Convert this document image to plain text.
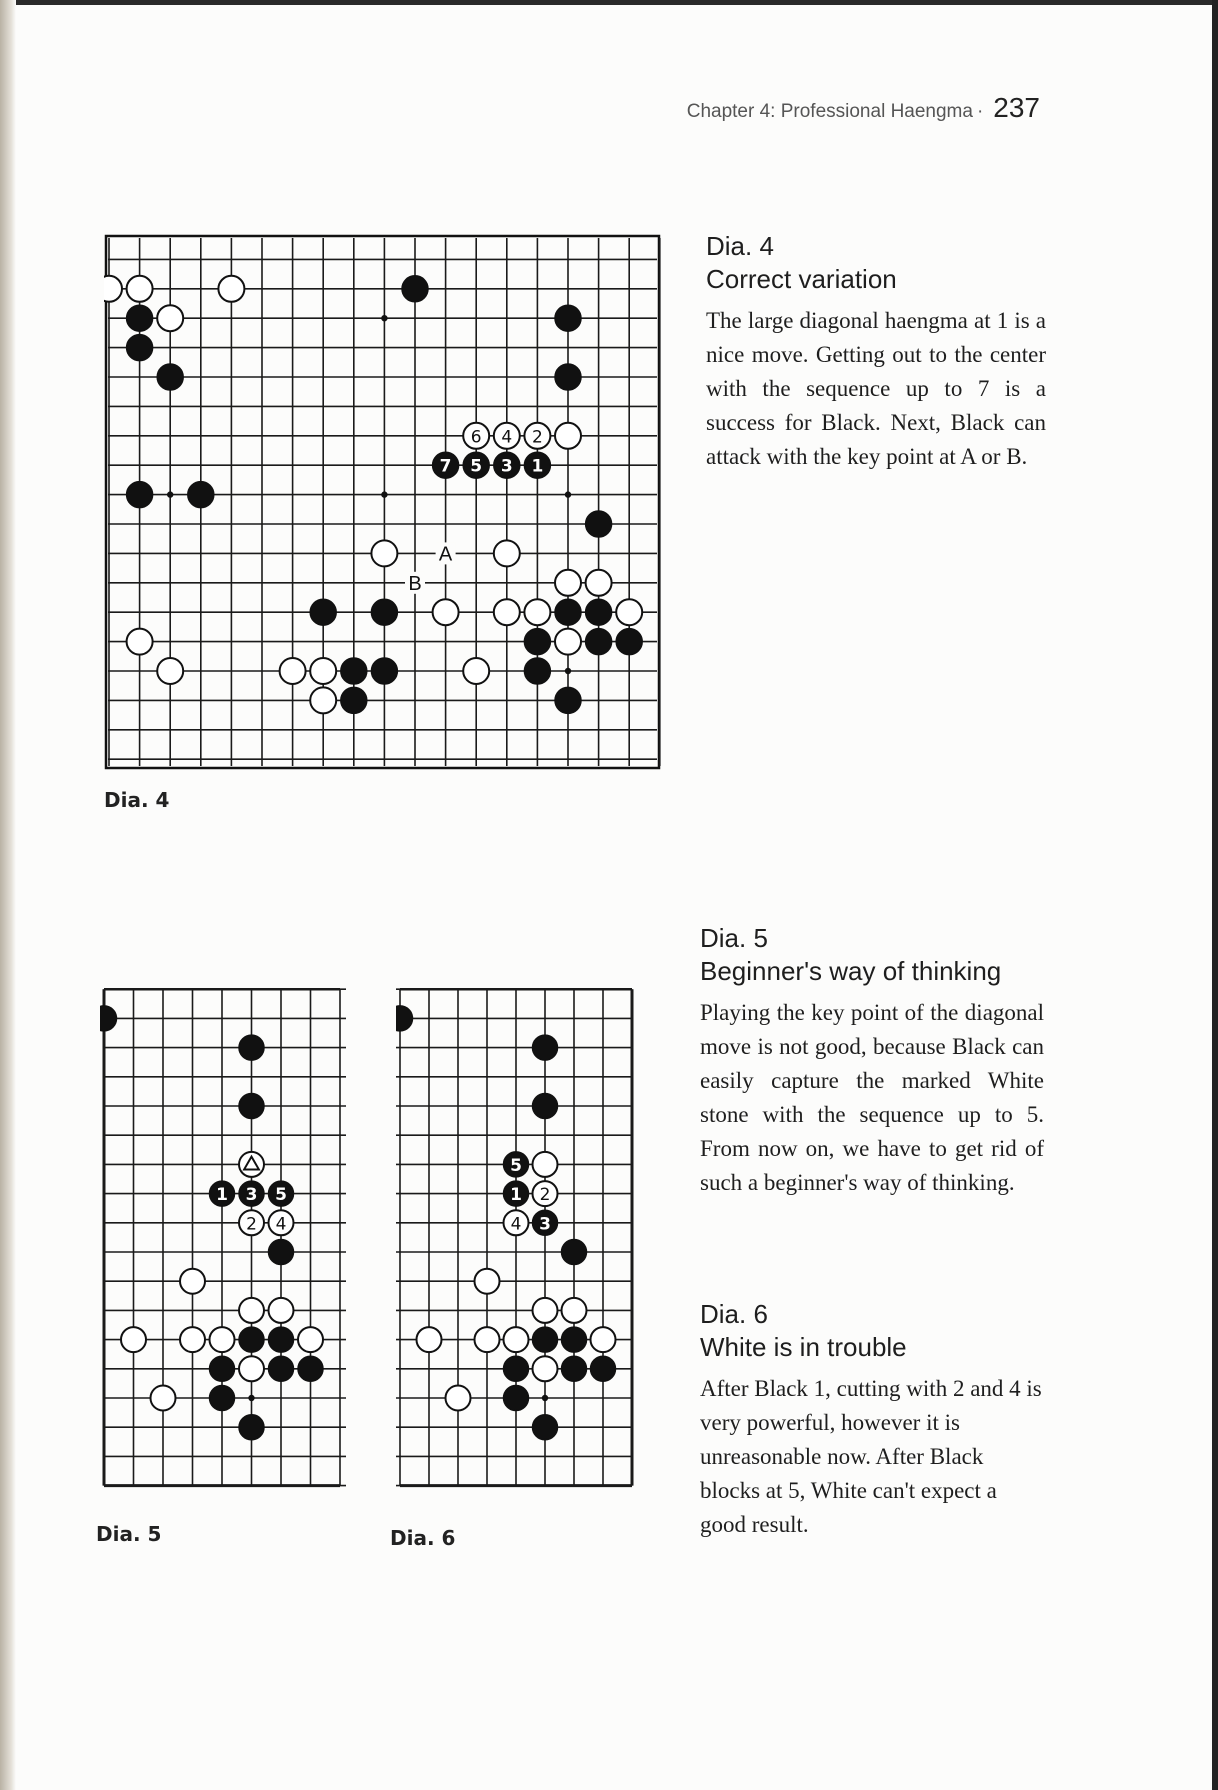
Chapter 4: Professional Haengma · 237
A
B
6 4 2
7 5 3 1
Dia. 4
Dia. 4
Correct variation
The large diagonal haengma at 1 is a nice move. Getting out to the center with the sequence up to 7 is a success for Black. Next, Black can attack with the key point at A or B.
1 3 5
2 4
Dia. 5
5
1 2
4 3
Dia. 6
Dia. 5
Beginner's way of thinking
Playing the key point of the diagonal move is not good, because Black can easily capture the marked White stone with the sequence up to 5. From now on, we have to get rid of such a beginner's way of thinking.
Dia. 6
White is in trouble
After Black 1, cutting with 2 and 4 is very powerful, however it is unreasonable now. After Black blocks at 5, White can't expect a good result.
